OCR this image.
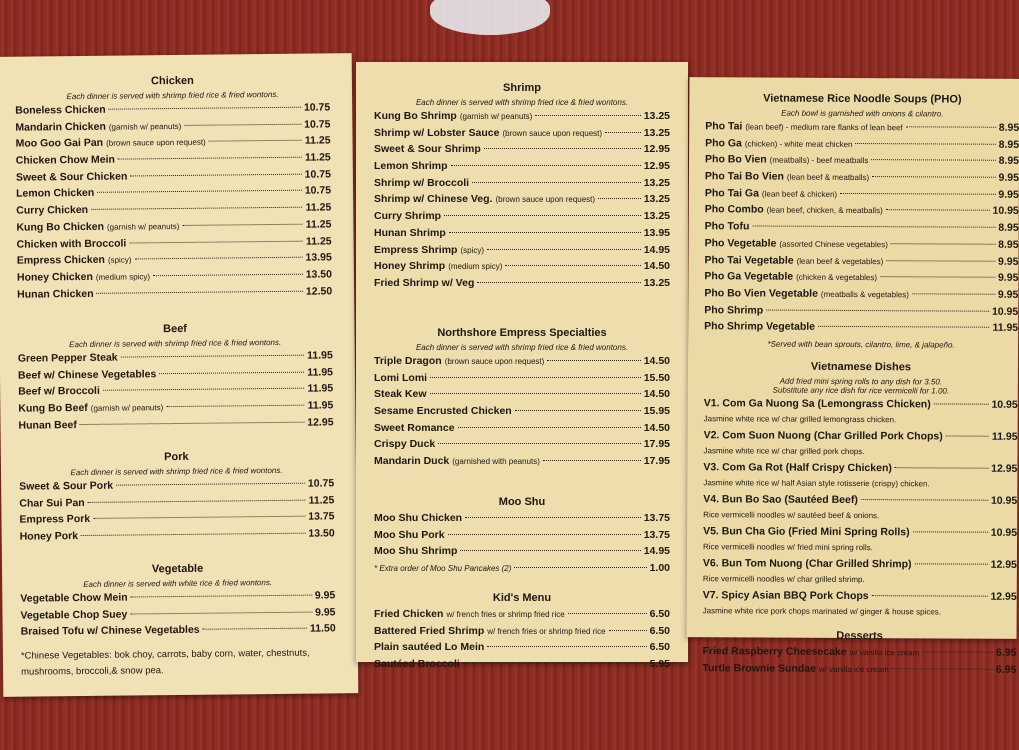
Chicken
Each dinner is served with shrimp fried rice & fried wontons.
Boneless Chicken	10.75
Mandarin Chicken (garnish w/ peanuts)	10.75
Moo Goo Gai Pan (brown sauce upon request)	11.25
Chicken Chow Mein	11.25
Sweet & Sour Chicken	10.75
Lemon Chicken	10.75
Curry Chicken	11.25
Kung Bo Chicken (garnish w/ peanuts)	11.25
Chicken with Broccoli	11.25
Empress Chicken (spicy)	13.95
Honey Chicken (medium spicy)	13.50
Hunan Chicken	12.50
Beef
Each dinner is served with shrimp fried rice & fried wontons.
Green Pepper Steak	11.95
Beef w/ Chinese Vegetables	11.95
Beef w/ Broccoli	11.95
Kung Bo Beef (garnish w/ peanuts)	11.95
Hunan Beef	12.95
Pork
Each dinner is served with shrimp fried rice & fried wontons.
Sweet & Sour Pork	10.75
Char Sui Pan	11.25
Empress Pork	13.75
Honey Pork	13.50
Vegetable
Each dinner is served with white rice & fried wontons.
Vegetable Chow Mein	9.95
Vegetable Chop Suey	9.95
Braised Tofu w/ Chinese Vegetables	11.50
*Chinese Vegetables: bok choy, carrots, baby corn, water, chestnuts, mushrooms, broccoli,& snow pea.
Shrimp
Each dinner is served with shrimp fried rice & fried wontons.
Kung Bo Shrimp (garnish w/ peanuts)	13.25
Shrimp w/ Lobster Sauce (brown sauce upon request)	13.25
Sweet & Sour Shrimp	12.95
Lemon Shrimp	12.95
Shrimp w/ Broccoli	13.25
Shrimp w/ Chinese Veg. (brown sauce upon request)	13.25
Curry Shrimp	13.25
Hunan Shrimp	13.95
Empress Shrimp (spicy)	14.95
Honey Shrimp (medium spicy)	14.50
Fried Shrimp w/ Veg	13.25
Northshore Empress Specialties
Each dinner is served with shrimp fried rice & fried wontons.
Triple Dragon (brown sauce upon request)	14.50
Lomi Lomi	15.50
Steak Kew	14.50
Sesame Encrusted Chicken	15.95
Sweet Romance	14.50
Crispy Duck	17.95
Mandarin Duck (garnished with peanuts)	17.95
Moo Shu
Moo Shu Chicken	13.75
Moo Shu Pork	13.75
Moo Shu Shrimp	14.95
* Extra order of Moo Shu Pancakes (2)	1.00
Kid's Menu
Fried Chicken w/ french fries or shrimp fried rice	6.50
Battered Fried Shrimp w/ french fries or shrimp fried rice	6.50
Plain sautéed Lo Mein	6.50
Sautéed Broccoli	5.95
Vietnamese Rice Noodle Soups (PHO)
Each bowl is garnished with onions & cilantro.
Pho Tai (lean beef) - medium rare flanks of lean beef	8.95
Pho Ga (chicken) - white meat chicken	8.95
Pho Bo Vien (meatballs) - beef meatballs	8.95
Pho Tai Bo Vien (lean beef & meatballs)	9.95
Pho Tai Ga (lean beef & chicken)	9.95
Pho Combo (lean beef, chicken, & meatballs)	10.95
Pho Tofu	8.95
Pho Vegetable (assorted Chinese vegetables)	8.95
Pho Tai Vegetable (lean beef & vegetables)	9.95
Pho Ga Vegetable (chicken & vegetables)	9.95
Pho Bo Vien Vegetable (meatballs & vegetables)	9.95
Pho Shrimp	10.95
Pho Shrimp Vegetable	11.95
*Served with bean sprouts, cilantro, lime, & jalapeño.
Vietnamese Dishes
Add fried mini spring rolls to any dish for 3.50.
Substitute any rice dish for rice vermicelli for 1.00.
V1. Com Ga Nuong Sa (Lemongrass Chicken)	10.95
Jasmine white rice w/ char grilled lemongrass chicken.
V2. Com Suon Nuong (Char Grilled Pork Chops)	11.95
Jasmine white rice w/ char grilled pork chops.
V3. Com Ga Rot (Half Crispy Chicken)	12.95
Jasmine white rice w/ half Asian style rotisserie (crispy) chicken.
V4. Bun Bo Sao (Sautéed Beef)	10.95
Rice vermicelli noodles w/ sautéed beef & onions.
V5. Bun Cha Gio (Fried Mini Spring Rolls)	10.95
Rice vermicelli noodles w/ fried mini spring rolls.
V6. Bun Tom Nuong (Char Grilled Shrimp)	12.95
Rice vermicelli noodles w/ char grilled shrimp.
V7. Spicy Asian BBQ Pork Chops	12.95
Jasmine white rice pork chops marinated w/ ginger & house spices.
Desserts
Fried Raspberry Cheesecake w/ vanilla ice cream	6.95
Turtle Brownie Sundae w/ vanilla ice cream	6.95
